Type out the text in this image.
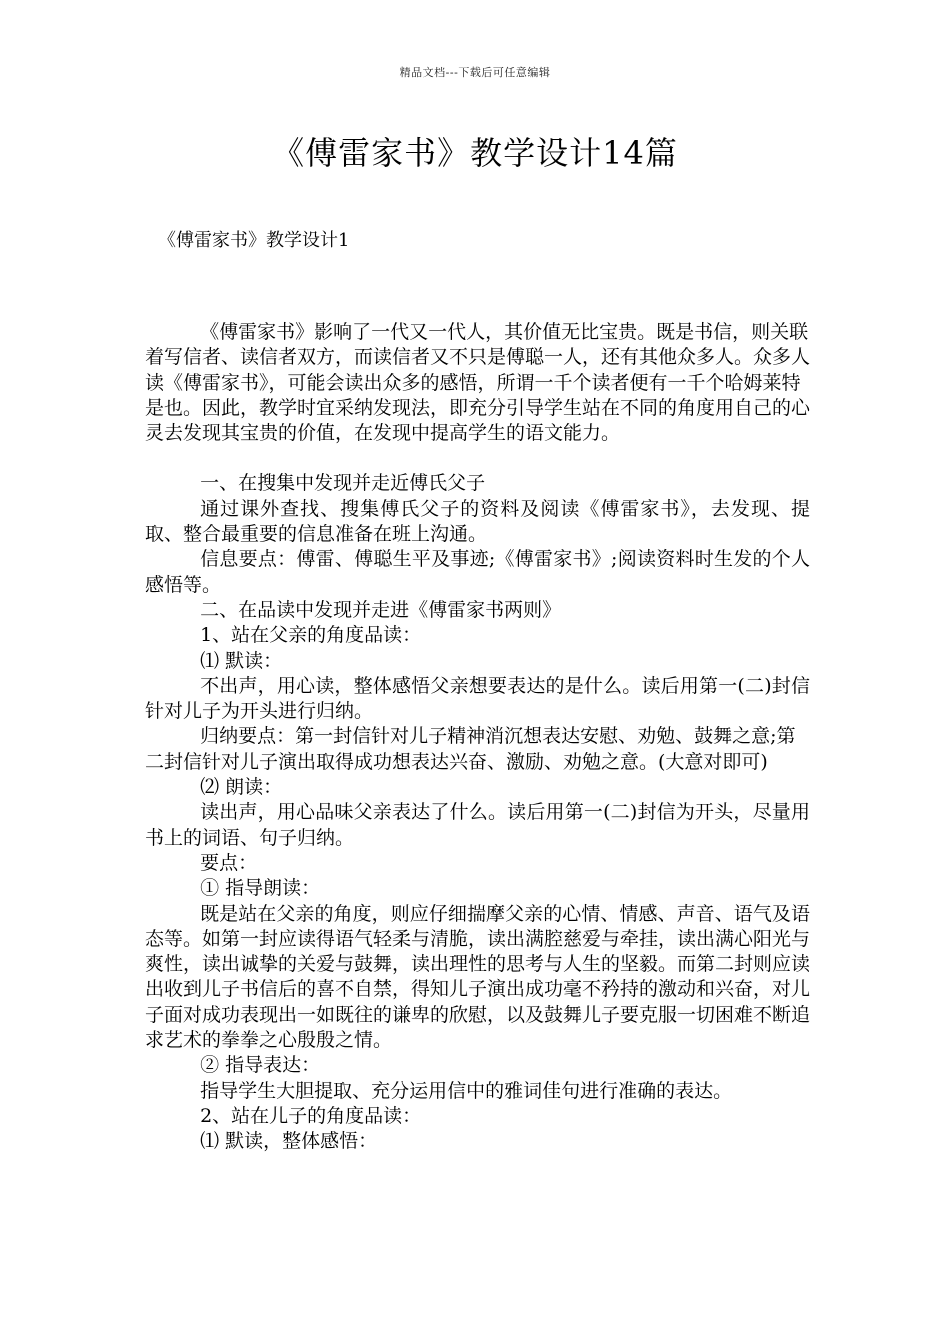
精品文档---下载后可任意编辑
《傅雷家书》教学设计14篇
《傅雷家书》教学设计1

《傅雷家书》影响了一代又一代人，其价值无比宝贵。既是书信，则关联着写信者、读信者双方，而读信者又不只是傅聪一人，还有其他众多人。众多人读《傅雷家书》，可能会读出众多的感悟，所谓一千个读者便有一千个哈姆莱特是也。因此，教学时宜采纳发现法，即充分引导学生站在不同的角度用自己的心灵去发现其宝贵的价值，在发现中提高学生的语文能力。

一、在搜集中发现并走近傅氏父子

通过课外查找、搜集傅氏父子的资料及阅读《傅雷家书》，去发现、提取、整合最重要的信息准备在班上沟通。

信息要点：傅雷、傅聪生平及事迹;《傅雷家书》;阅读资料时生发的个人感悟等。

二、在品读中发现并走进《傅雷家书两则》

1、站在父亲的角度品读：

⑴ 默读：

不出声，用心读，整体感悟父亲想要表达的是什么。读后用第一(二)封信针对儿子为开头进行归纳。

归纳要点：第一封信针对儿子精神消沉想表达安慰、劝勉、鼓舞之意;第二封信针对儿子演出取得成功想表达兴奋、激励、劝勉之意。(大意对即可)

⑵ 朗读：

读出声，用心品味父亲表达了什么。读后用第一(二)封信为开头，尽量用书上的词语、句子归纳。

要点：

① 指导朗读：

既是站在父亲的角度，则应仔细揣摩父亲的心情、情感、声音、语气及语态等。如第一封应读得语气轻柔与清脆，读出满腔慈爱与牵挂，读出满心阳光与爽性，读出诚挚的关爱与鼓舞，读出理性的思考与人生的坚毅。而第二封则应读出收到儿子书信后的喜不自禁，得知儿子演出成功毫不矜持的激动和兴奋，对儿子面对成功表现出一如既往的谦卑的欣慰，以及鼓舞儿子要克服一切困难不断追求艺术的拳拳之心殷殷之情。

② 指导表达：

指导学生大胆提取、充分运用信中的雅词佳句进行准确的表达。

2、站在儿子的角度品读：

⑴ 默读，整体感悟：
